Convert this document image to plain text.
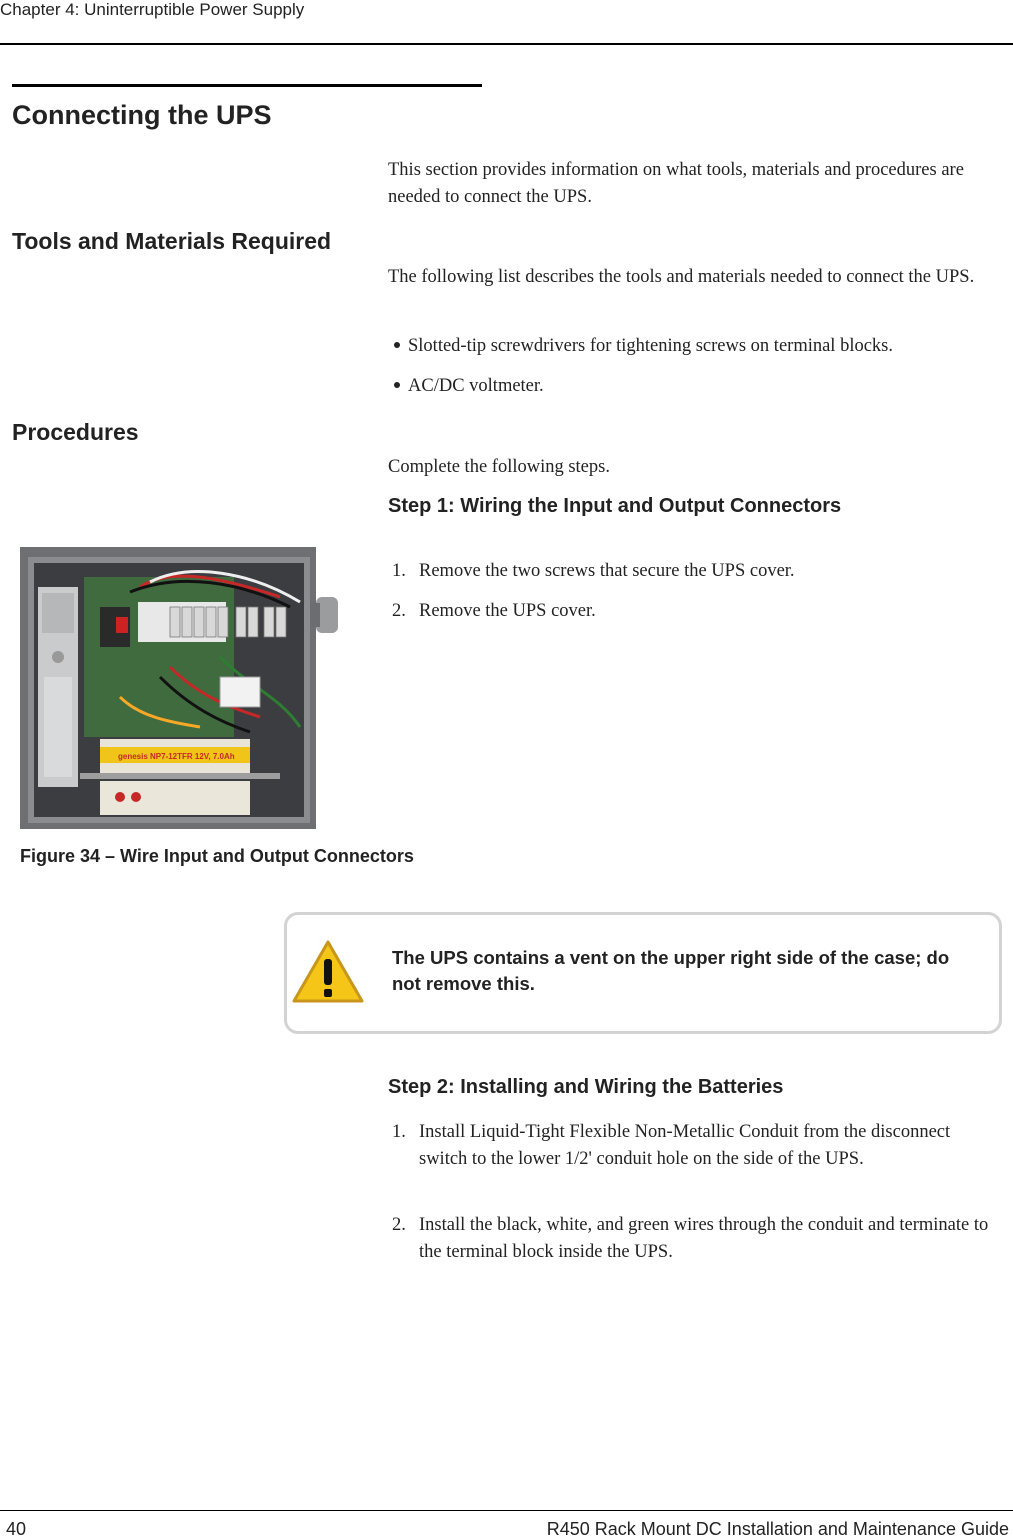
Chapter 4: Uninterruptible Power Supply
Connecting the UPS
This section provides information on what tools, materials and procedures are needed to connect the UPS.
Tools and Materials Required
The following list describes the tools and materials needed to connect the UPS.
Slotted-tip screwdrivers for tightening screws on terminal blocks.
AC/DC voltmeter.
Procedures
Complete the following steps.
Step 1: Wiring the Input and Output Connectors
1. Remove the two screws that secure the UPS cover.
2. Remove the UPS cover.
genesis NP7-12TFR 12V, 7.0Ah
Figure 34 – Wire Input and Output Connectors
The UPS contains a vent on the upper right side of the case; do not remove this.
Step 2: Installing and Wiring the Batteries
1. Install Liquid-Tight Flexible Non-Metallic Conduit from the disconnect switch to the lower 1/2' conduit hole on the side of the UPS.
2. Install the black, white, and green wires through the conduit and terminate to the terminal block inside the UPS.
40	R450 Rack Mount DC Installation and Maintenance Guide
